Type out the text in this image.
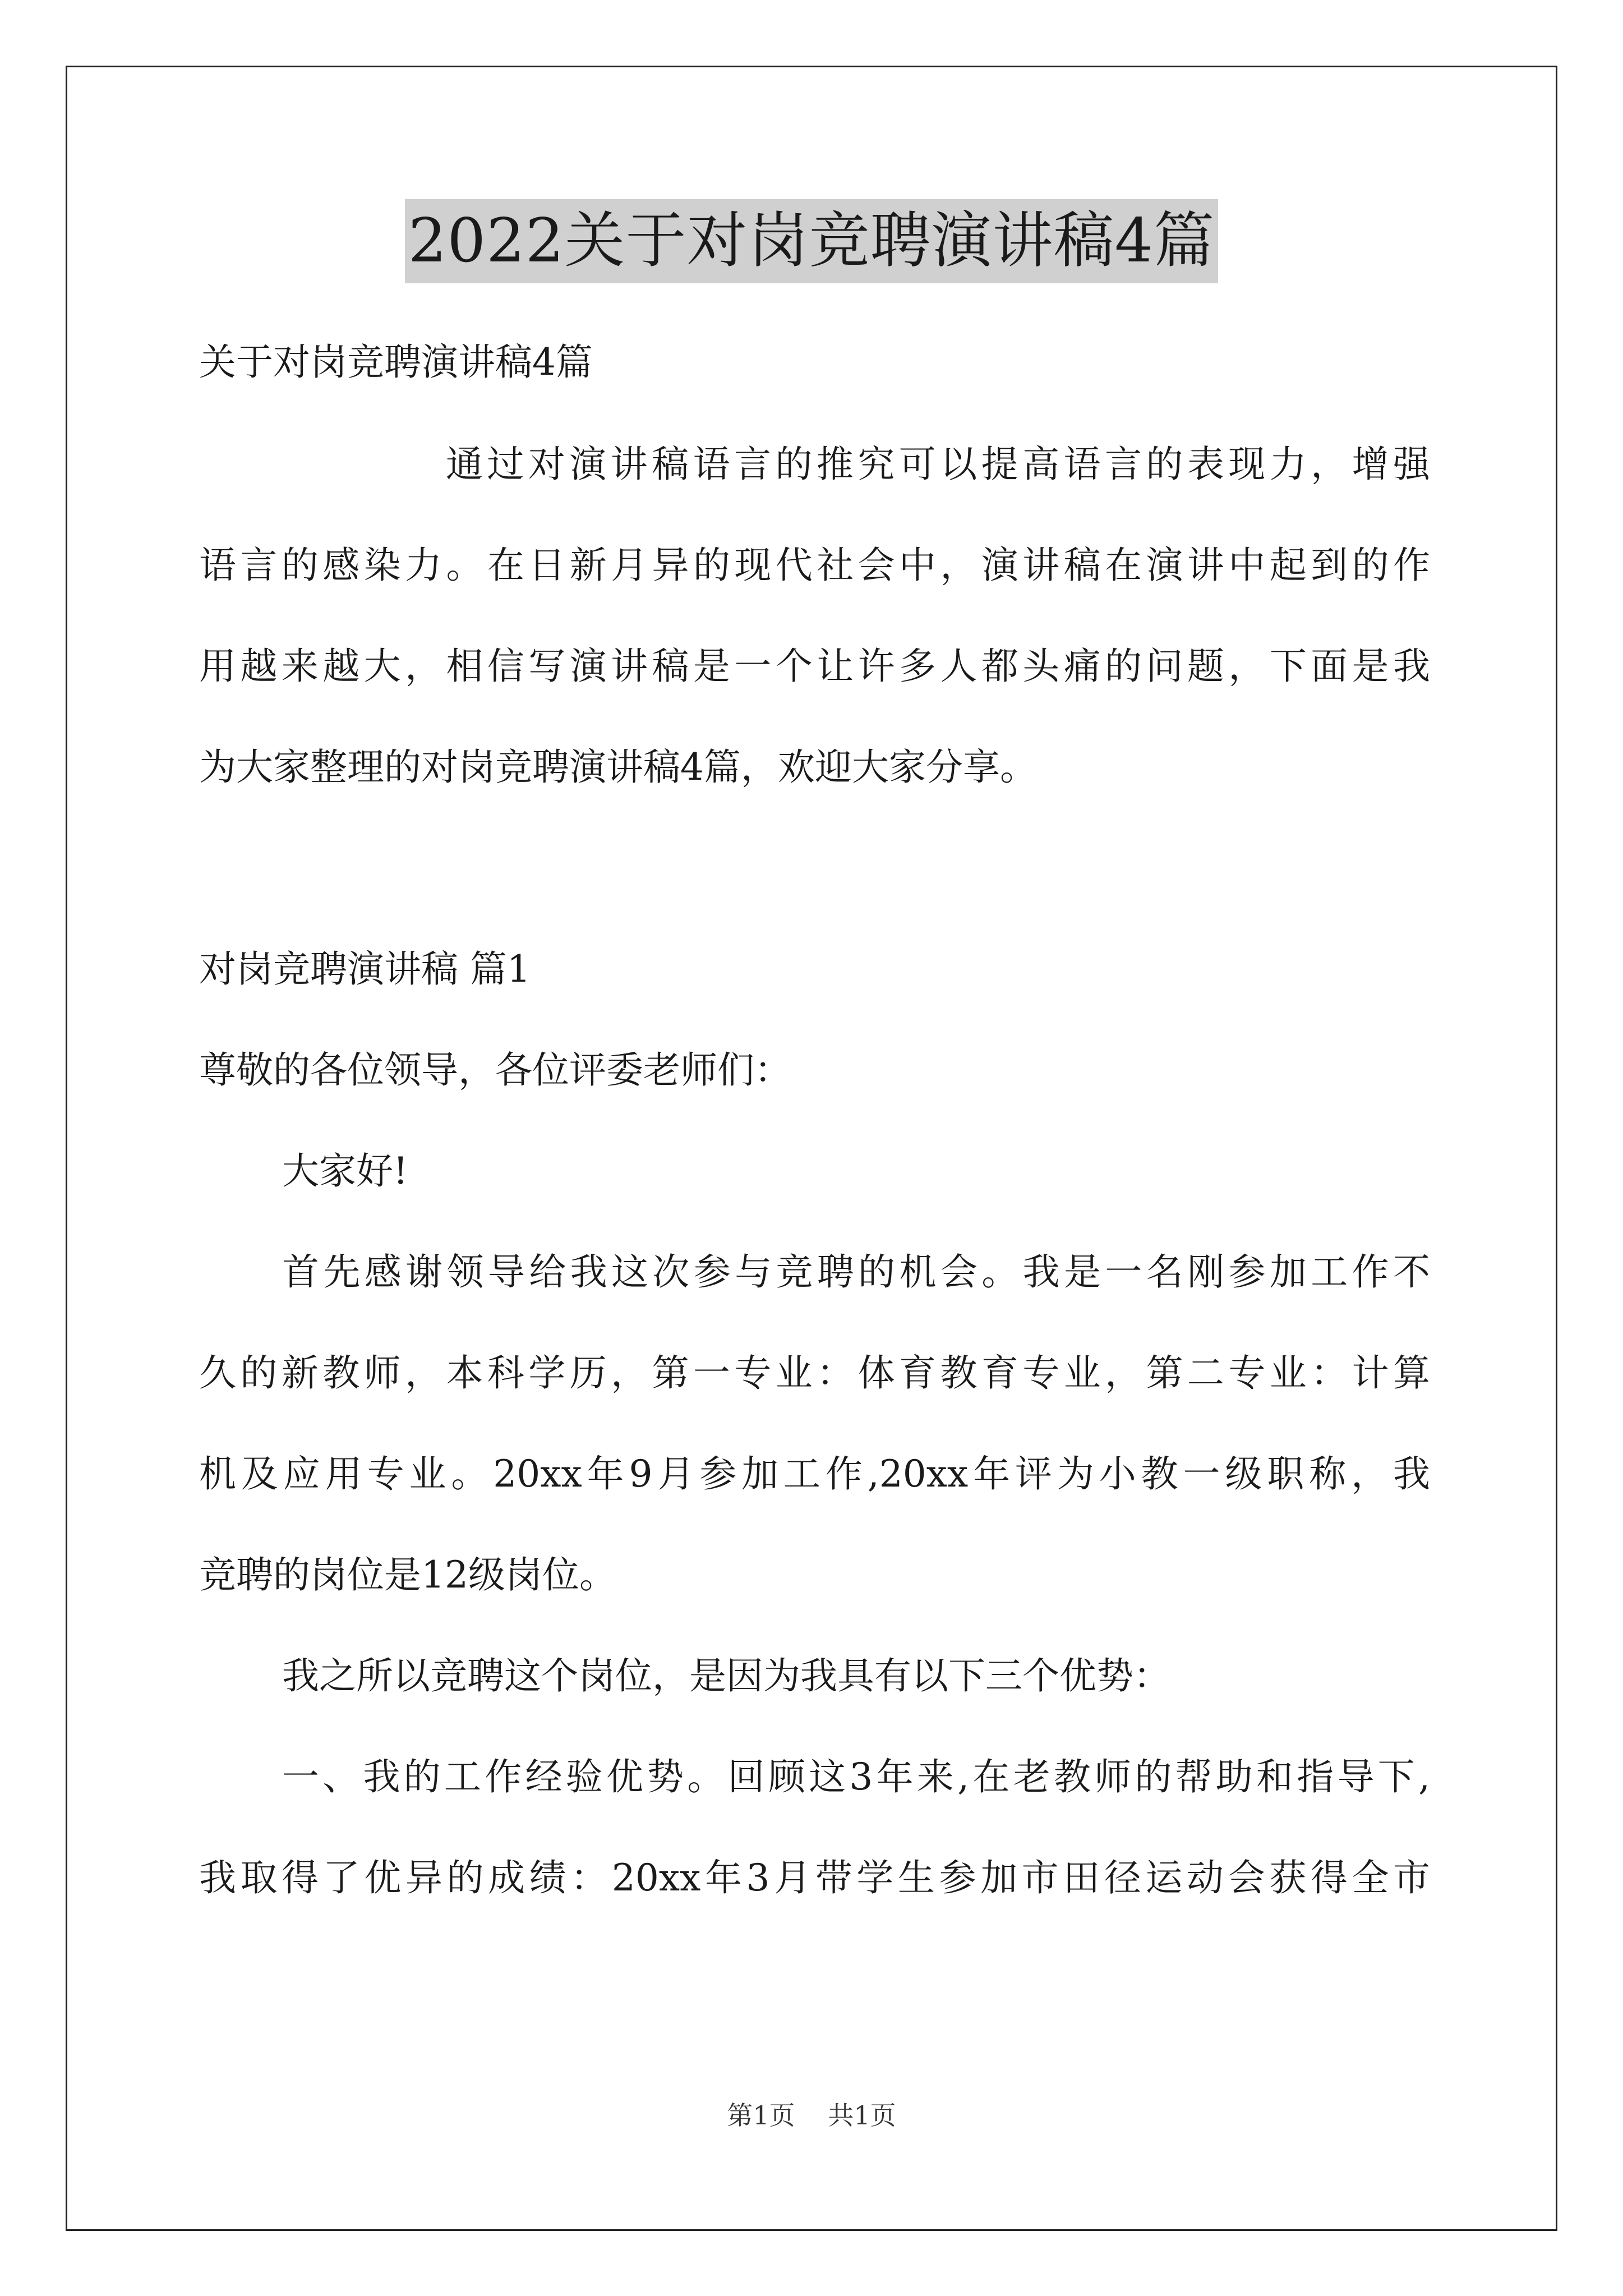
2022关于对岗竞聘演讲稿4篇
关于对岗竞聘演讲稿4篇
通过对演讲稿语言的推究可以提高语言的表现力，增强
语言的感染力。在日新月异的现代社会中，演讲稿在演讲中起到的作
用越来越大，相信写演讲稿是一个让许多人都头痛的问题，下面是我
为大家整理的对岗竞聘演讲稿4篇，欢迎大家分享。
对岗竞聘演讲稿 篇1
尊敬的各位领导，各位评委老师们：
大家好!
首先感谢领导给我这次参与竞聘的机会。我是一名刚参加工作不
久的新教师，本科学历，第一专业：体育教育专业，第二专业：计算
机及应用专业。20xx年9月参加工作,20xx年评为小教一级职称，我
竞聘的岗位是12级岗位。
我之所以竞聘这个岗位，是因为我具有以下三个优势：
一、我的工作经验优势。回顾这3年来,在老教师的帮助和指导下,
我取得了优异的成绩：20xx年3月带学生参加市田径运动会获得全市
第1页 共1页
